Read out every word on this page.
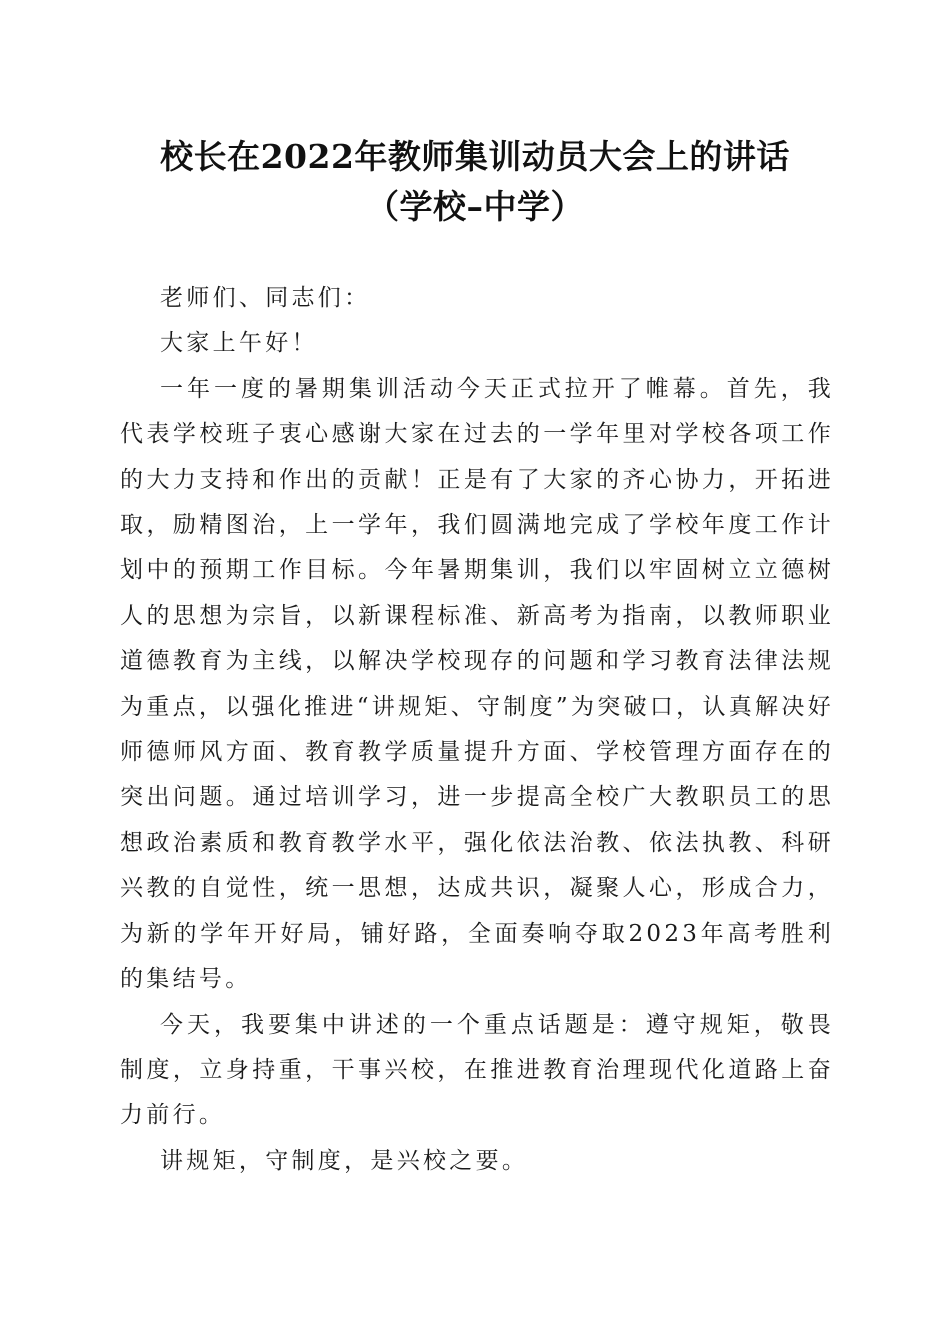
校长在2022年教师集训动员大会上的讲话
（学校–中学）

老师们、同志们：

大家上午好！

一年一度的暑期集训活动今天正式拉开了帷幕。首先，我代表学校班子衷心感谢大家在过去的一学年里对学校各项工作的大力支持和作出的贡献！正是有了大家的齐心协力，开拓进取，励精图治，上一学年，我们圆满地完成了学校年度工作计划中的预期工作目标。今年暑期集训，我们以牢固树立立德树人的思想为宗旨，以新课程标准、新高考为指南，以教师职业道德教育为主线，以解决学校现存的问题和学习教育法律法规为重点，以强化推进“讲规矩、守制度”为突破口，认真解决好师德师风方面、教育教学质量提升方面、学校管理方面存在的突出问题。通过培训学习，进一步提高全校广大教职员工的思想政治素质和教育教学水平，强化依法治教、依法执教、科研兴教的自觉性，统一思想，达成共识，凝聚人心，形成合力，为新的学年开好局，铺好路，全面奏响夺取2023年高考胜利的集结号。

今天，我要集中讲述的一个重点话题是：遵守规矩，敬畏制度，立身持重，干事兴校，在推进教育治理现代化道路上奋力前行。

讲规矩，守制度，是兴校之要。
